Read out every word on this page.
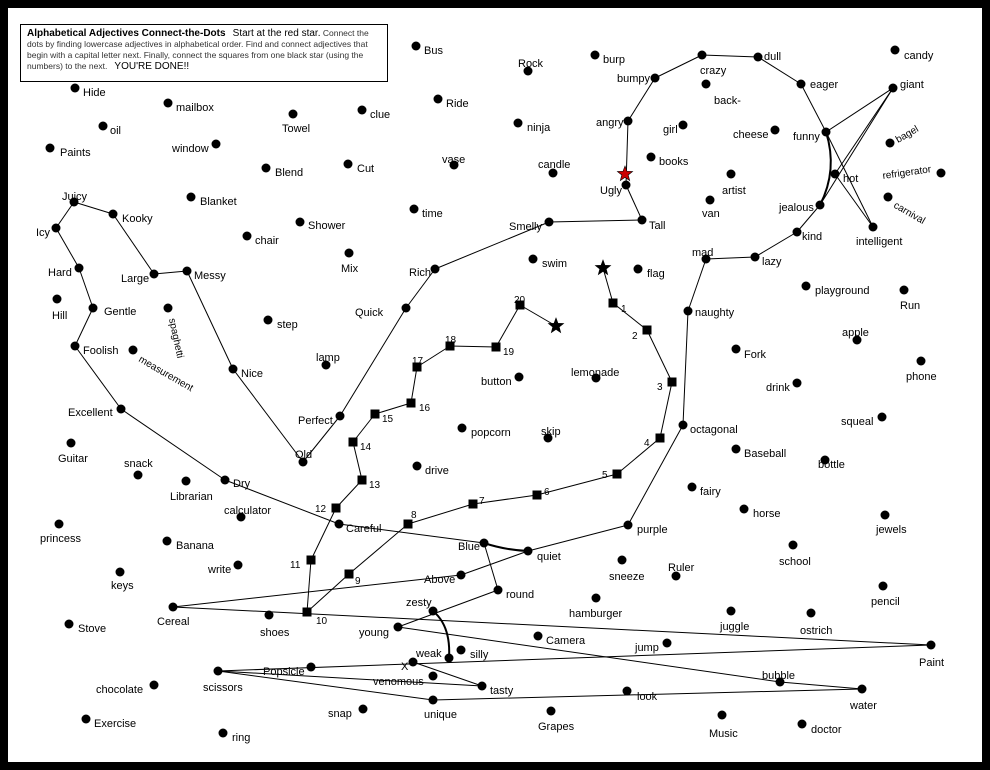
Alphabetical Adjectives Connect-the-Dots Start at the red star. Connect the dots by finding lowercase adjectives in alphabetical order. Find and connect adjectives that begin with a capital letter next. Finally, connect the squares from one black star (using the numbers) to the next. YOU'RE DONE!!
Bus
Rock	burp
crazy
dull	candy
Hide
bumpy	eager	giant
mailbox
clue
Ride	back-
oil	Towel	ninja	angry
girl	cheese funny	bagel
Paints	window
vase	candle	books
Blend	Cut
hot refrigerator
Ugly	artist
Juicy	Blanket	jealous
Kooky	time
Icy
Shower	Smelly	Tall
van	carnival
chair	kind	intelligent
mad
Mix	swim	lazy
Hard	Large	Messy	Rich	flag
playground
Gentle
Hill
spaghetti
Run
Quick
step
naughty
apple
Foolish
lamp	Fork
Nice
measurement	button
lemonade	phone
drink
Excellent
Perfect	squeal
popcorn	skip	octagonal
Guitar	Old	Baseball
snack	bottle
drive
Dry
Librarian	fairy
calculator	horse
Careful	jewels
princess
purple
Banana	Blue
quiet	school
write
sneeze
Ruler
keys	Above
round
pencil
zesty
hamburger
Cereal	juggle	ostrich
Stove	shoes	young
Camera
jump
Paint
weak	silly
X
Popsicle
scissors	venomous	bubble
chocolate	tasty	look
water
snap	unique
Exercise	Grapes
Music	doctor
ring
1
2
3
4
5
6
7
8
9
10
11
12
13
14
15
16
17
18
19
20
